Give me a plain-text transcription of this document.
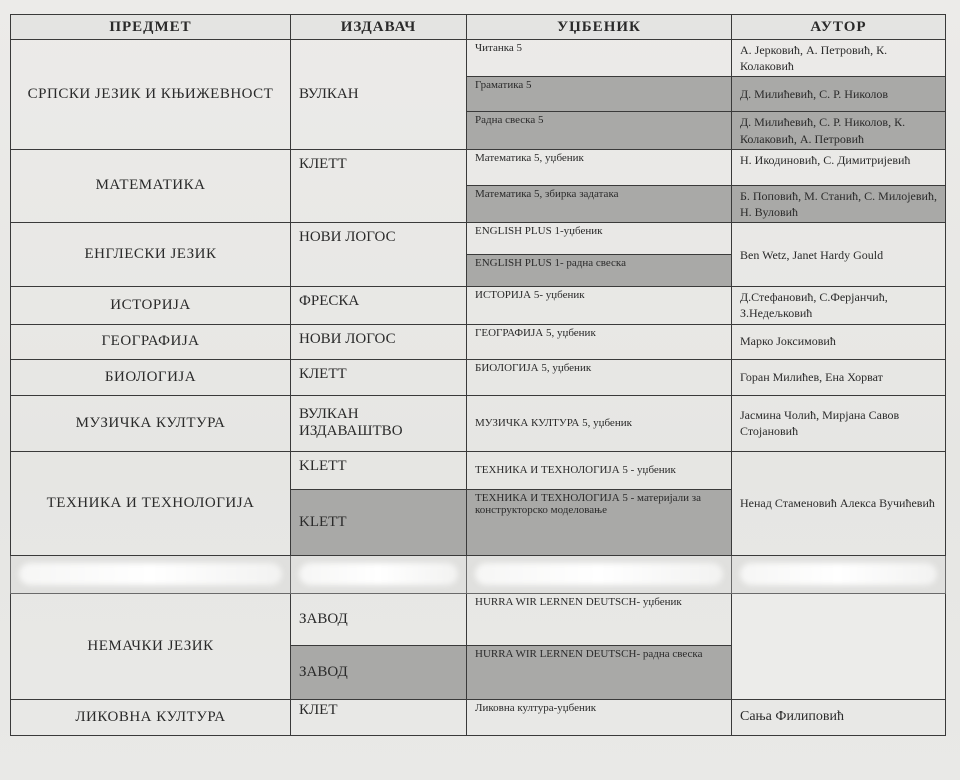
ПРЕДМЕТ	ИЗДАВАЧ	УЏБЕНИК	АУТОР
СРПСКИ ЈЕЗИК И КЊИЖЕВНОСТ	ВУЛКАН	Читанка 5	А. Јерковић, А. Петровић, К. Колаковић
		Граматика 5	Д. Милићевић, С. Р. Николов
		Радна свеска 5	Д. Милићевић, С. Р. Николов, К. Колаковић, А. Петровић
МАТЕМАТИКА	КЛЕТТ	Математика 5, уџбеник	Н. Икодиновић, С. Димитријевић
		Математика 5, збирка задатака	Б. Поповић, М. Станић, С. Милојевић, Н. Вуловић
ЕНГЛЕСКИ ЈЕЗИК	НОВИ ЛОГОС	ENGLISH PLUS 1-уџбеник	Ben Wetz, Janet Hardy Gould
		ENGLISH PLUS 1- радна свеска	
ИСТОРИЈА	ФРЕСКА	ИСТОРИЈА 5- уџбеник	Д.Стефановић, С.Ферјанчић, З.Недељковић
ГЕОГРАФИЈА	НОВИ ЛОГОС	ГЕОГРАФИЈА 5, уџбеник	Марко Јоксимовић
БИОЛОГИЈА	КЛЕТТ	БИОЛОГИЈА 5, уџбеник	Горан Милићев, Ена Хорват
МУЗИЧКА КУЛТУРА	ВУЛКАН ИЗДАВАШТВО	МУЗИЧКА КУЛТУРА 5, уџбеник	Јасмина Чолић, Мирјана Савов Стојановић
ТЕХНИКА И ТЕХНОЛОГИЈА	KLETT	ТЕХНИКА И ТЕХНОЛОГИЈА 5 - уџбеник	Ненад Стаменовић Алекса Вучићевић
	KLETT	ТЕХНИКА И ТЕХНОЛОГИЈА 5 - материјали за конструкторско моделовање	

НЕМАЧКИ ЈЕЗИК	ЗАВОД	HURRA WIR LERNEN DEUTSCH- уџбеник	
	ЗАВОД	HURRA WIR LERNEN DEUTSCH- радна свеска	
ЛИКОВНА КУЛТУРА	КЛЕТ	Ликовна култура-уџбеник	Сања Филиповић
